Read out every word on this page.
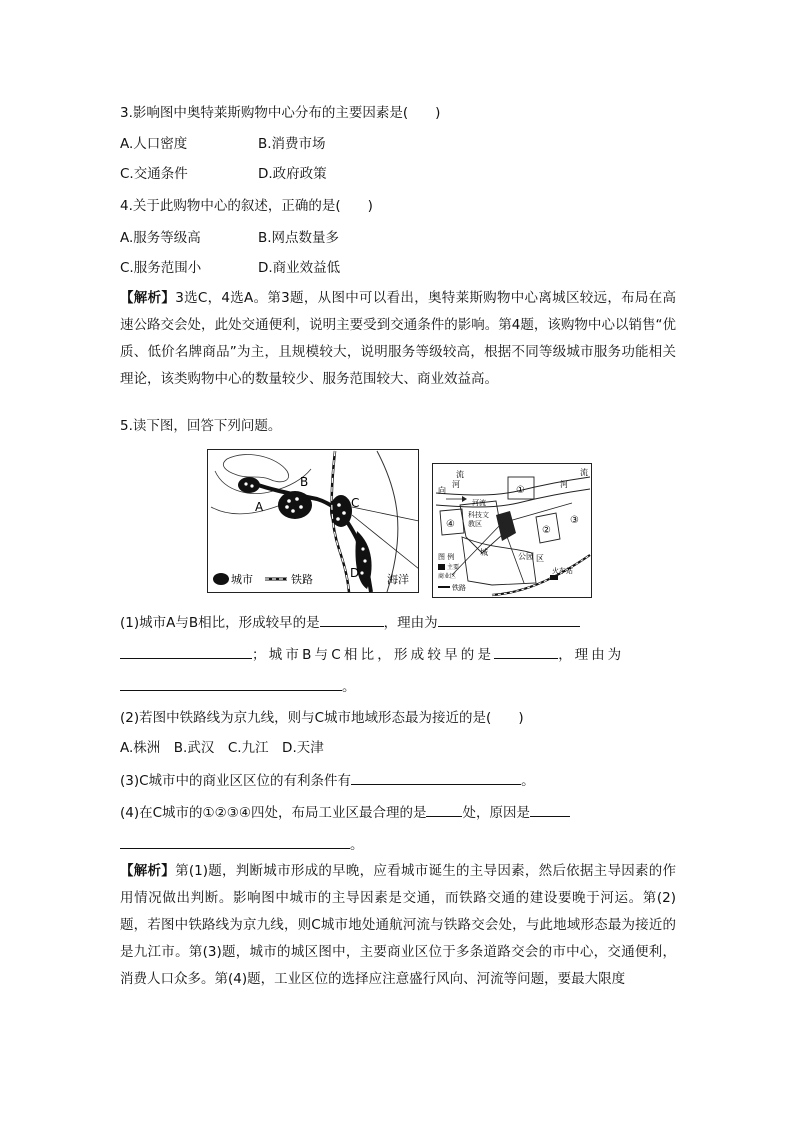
3.影响图中奥特莱斯购物中心分布的主要因素是(　　)
A.人口密度	B.消费市场
C.交通条件	D.政府政策
4.关于此购物中心的叙述，正确的是(　　)
A.服务等级高	B.网点数量多
C.服务范围小	D.商业效益低
【解析】3选C，4选A。第3题，从图中可以看出，奥特莱斯购物中心离城区较远，布局在高速公路交会处，此处交通便利，说明主要受到交通条件的影响。第4题，该购物中心以销售“优质、低价名牌商品”为主，且规模较大，说明服务等级较高，根据不同等级城市服务功能相关理论，该类购物中心的数量较少、服务范围较大、商业效益高。
5.读下图，回答下列问题。
A
B
C
D
城市	铁路	海洋
流
河
向
河流
流
河
①
②
③
④
科技文教区
城	公园 区
图 例
主要
商业区
铁路
火车站
(1)城市A与B相比，形成较早的是	，理由为
；城市B与C相比，形成较早的是	，理由为
。
(2)若图中铁路线为京九线，则与C城市地域形态最为接近的是(　　)
A.株洲　B.武汉　C.九江　D.天津
(3)C城市中的商业区区位的有利条件有	。
(4)在C城市的①②③④四处，布局工业区最合理的是	处，原因是
。
【解析】第(1)题，判断城市形成的早晚，应看城市诞生的主导因素，然后依据主导因素的作用情况做出判断。影响图中城市的主导因素是交通，而铁路交通的建设要晚于河运。第(2)题，若图中铁路线为京九线，则C城市地处通航河流与铁路交会处，与此地域形态最为接近的是九江市。第(3)题，城市的城区图中，主要商业区位于多条道路交会的市中心，交通便利，消费人口众多。第(4)题，工业区位的选择应注意盛行风向、河流等问题，要最大限度
